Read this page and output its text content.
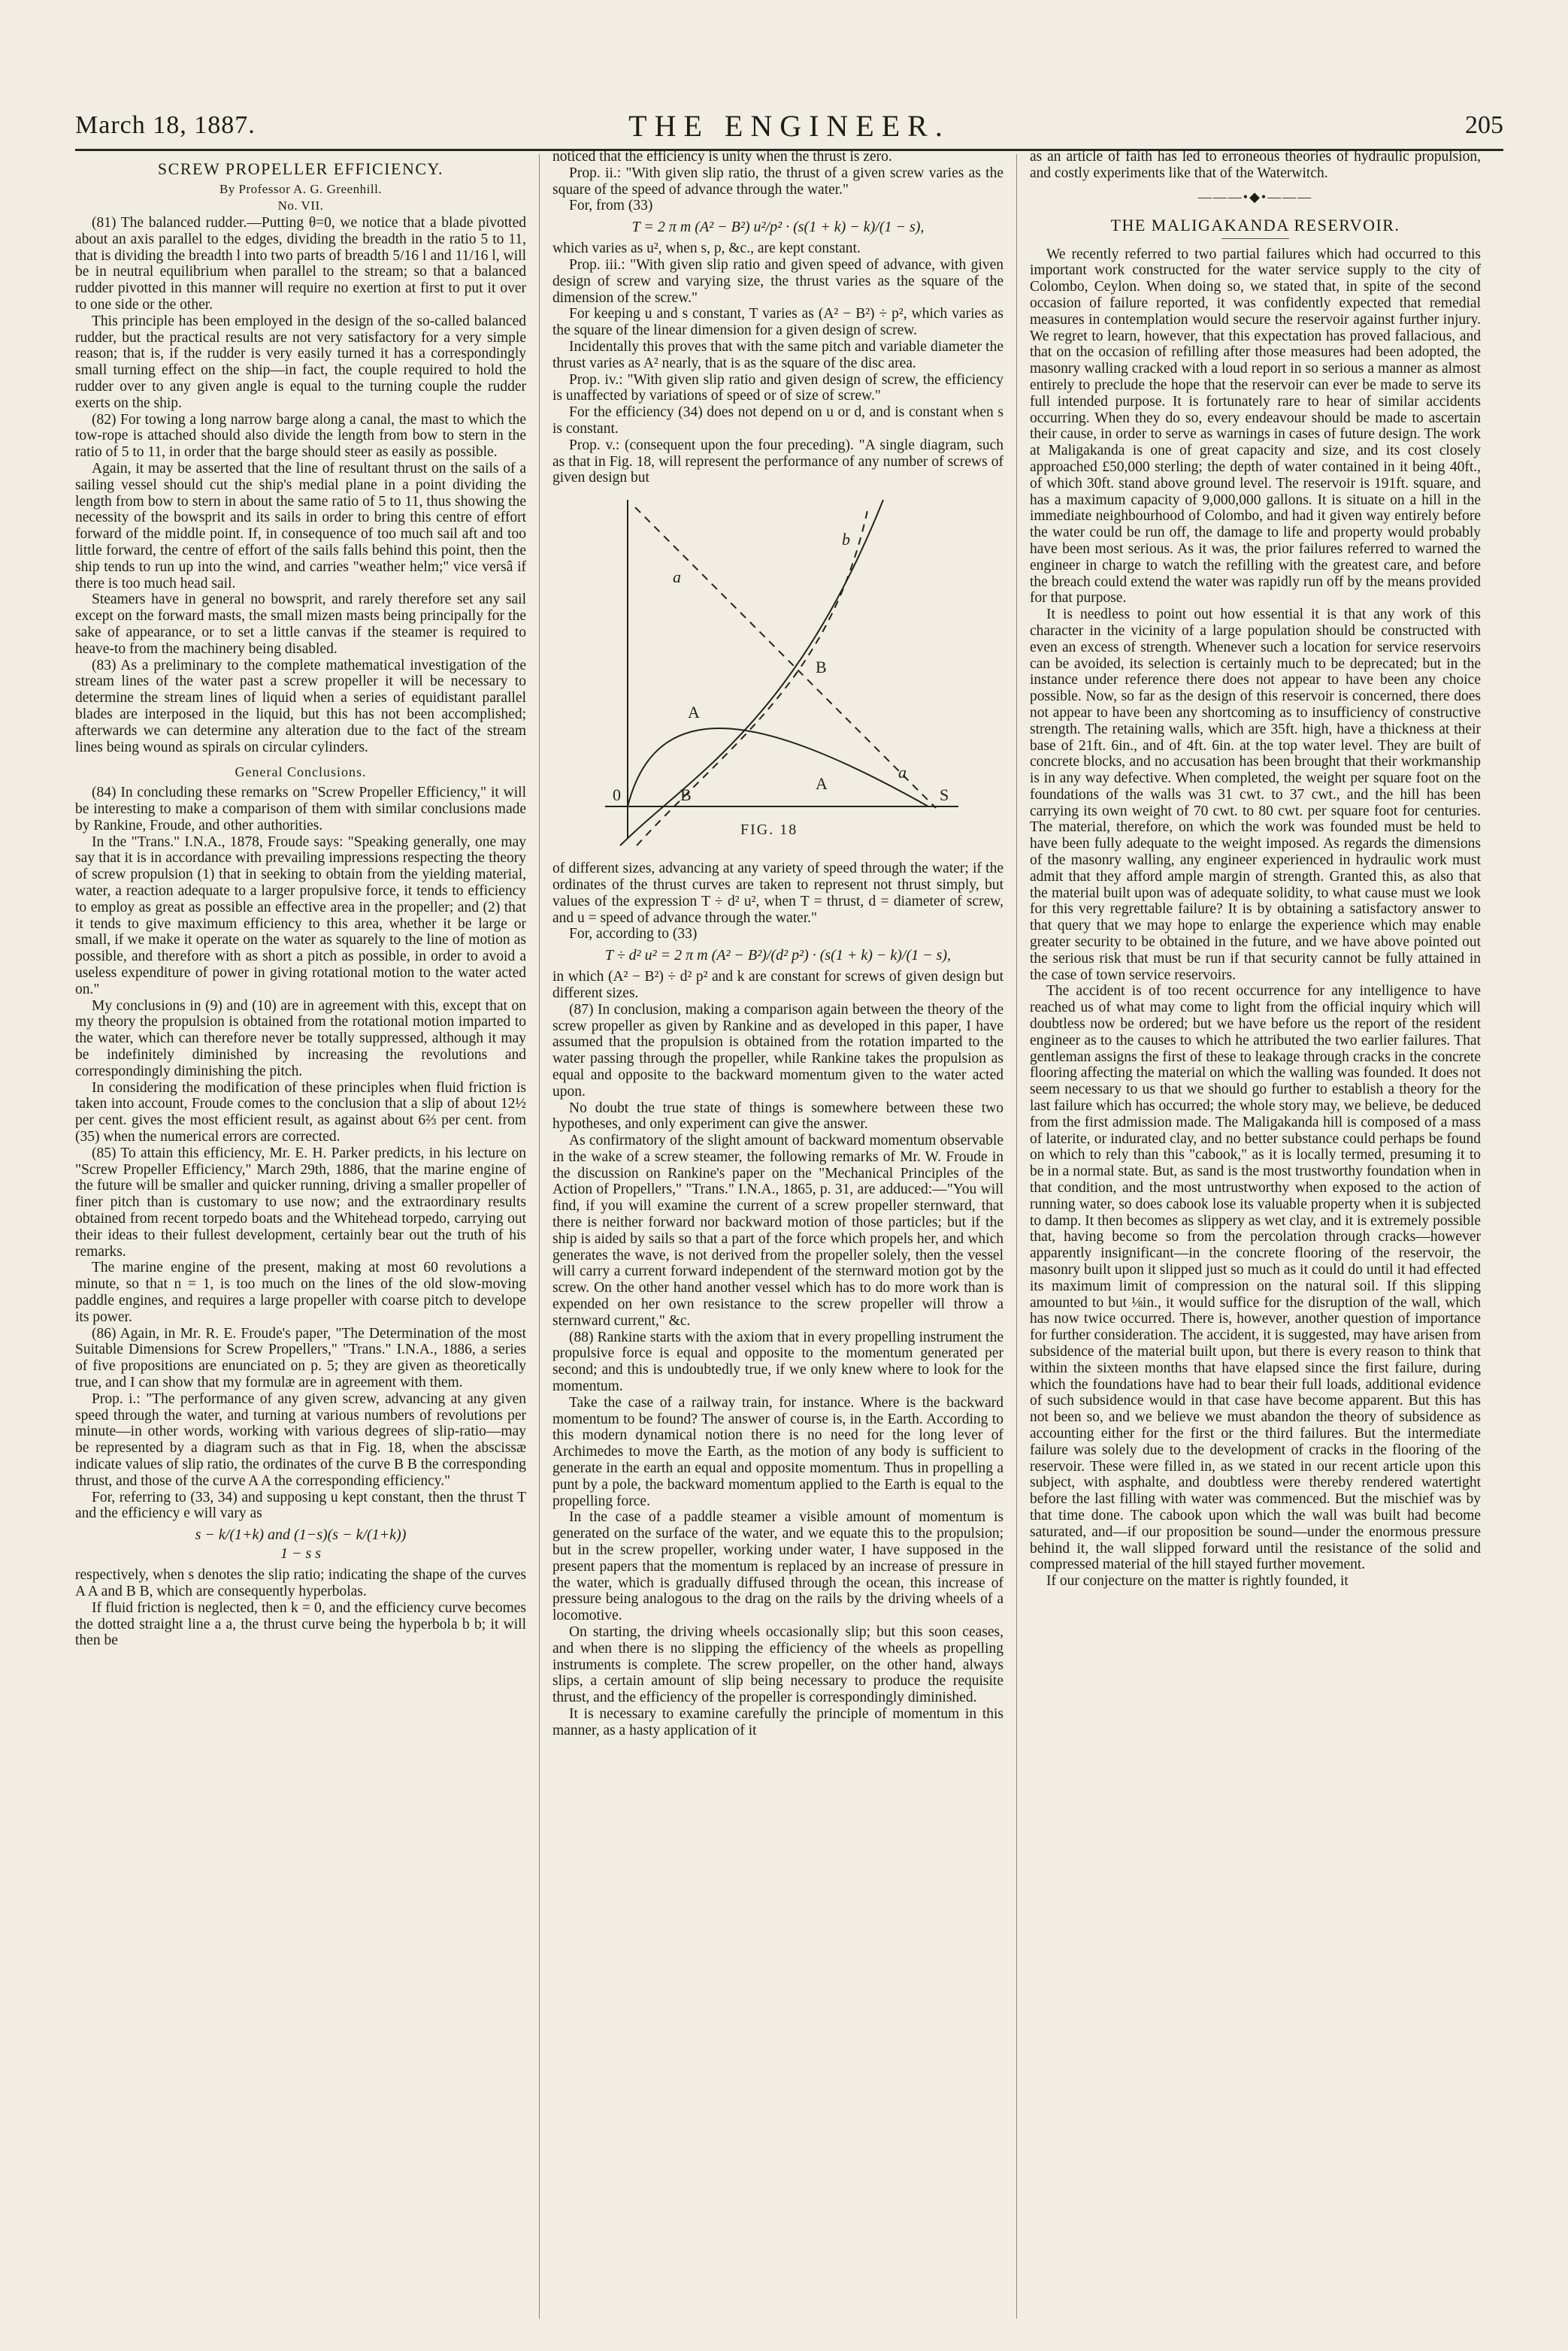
March 18, 1887.	THE ENGINEER.	205
SCREW PROPELLER EFFICIENCY.
By Professor A. G. Greenhill.
No. VII.

(81) The balanced rudder.—Putting θ=0, we notice that a blade pivotted about an axis parallel to the edges, dividing the breadth in the ratio 5 to 11, that is dividing the breadth l into two parts of breadth 5/16 l and 11/16 l, will be in neutral equilibrium when parallel to the stream; so that a balanced rudder pivotted in this manner will require no exertion at first to put it over to one side or the other.

This principle has been employed in the design of the so-called balanced rudder, but the practical results are not very satisfactory for a very simple reason; that is, if the rudder is very easily turned it has a correspondingly small turning effect on the ship—in fact, the couple required to hold the rudder over to any given angle is equal to the turning couple the rudder exerts on the ship.

(82) For towing a long narrow barge along a canal, the mast to which the tow-rope is attached should also divide the length from bow to stern in the ratio of 5 to 11, in order that the barge should steer as easily as possible.

Again, it may be asserted that the line of resultant thrust on the sails of a sailing vessel should cut the ship's medial plane in a point dividing the length from bow to stern in about the same ratio of 5 to 11, thus showing the necessity of the bowsprit and its sails in order to bring this centre of effort forward of the middle point. If, in consequence of too much sail aft and too little forward, the centre of effort of the sails falls behind this point, then the ship tends to run up into the wind, and carries "weather helm;" vice versâ if there is too much head sail.

Steamers have in general no bowsprit, and rarely therefore set any sail except on the forward masts, the small mizen masts being principally for the sake of appearance, or to set a little canvas if the steamer is required to heave-to from the machinery being disabled.

(83) As a preliminary to the complete mathematical investigation of the stream lines of the water past a screw propeller it will be necessary to determine the stream lines of liquid when a series of equidistant parallel blades are interposed in the liquid, but this has not been accomplished; afterwards we can determine any alteration due to the fact of the stream lines being wound as spirals on circular cylinders.

General Conclusions.

(84) In concluding these remarks on "Screw Propeller Efficiency," it will be interesting to make a comparison of them with similar conclusions made by Rankine, Froude, and other authorities.

In the "Trans." I.N.A., 1878, Froude says: "Speaking generally, one may say that it is in accordance with prevailing impressions respecting the theory of screw propulsion (1) that in seeking to obtain from the yielding material, water, a reaction adequate to a larger propulsive force, it tends to efficiency to employ as great as possible an effective area in the propeller; and (2) that it tends to give maximum efficiency to this area, whether it be large or small, if we make it operate on the water as squarely to the line of motion as possible, and therefore with as short a pitch as possible, in order to avoid a useless expenditure of power in giving rotational motion to the water acted on."

My conclusions in (9) and (10) are in agreement with this, except that on my theory the propulsion is obtained from the rotational motion imparted to the water, which can therefore never be totally suppressed, although it may be indefinitely diminished by increasing the revolutions and correspondingly diminishing the pitch.

In considering the modification of these principles when fluid friction is taken into account, Froude comes to the conclusion that a slip of about 12½ per cent. gives the most efficient result, as against about 6⅔ per cent. from (35) when the numerical errors are corrected.

(85) To attain this efficiency, Mr. E. H. Parker predicts, in his lecture on "Screw Propeller Efficiency," March 29th, 1886, that the marine engine of the future will be smaller and quicker running, driving a smaller propeller of finer pitch than is customary to use now; and the extraordinary results obtained from recent torpedo boats and the Whitehead torpedo, carrying out their ideas to their fullest development, certainly bear out the truth of his remarks.

The marine engine of the present, making at most 60 revolutions a minute, so that n = 1, is too much on the lines of the old slow-moving paddle engines, and requires a large propeller with coarse pitch to develope its power.

(86) Again, in Mr. R. E. Froude's paper, "The Determination of the most Suitable Dimensions for Screw Propellers," "Trans." I.N.A., 1886, a series of five propositions are enunciated on p. 5; they are given as theoretically true, and I can show that my formulæ are in agreement with them.

Prop. i.: "The performance of any given screw, advancing at any given speed through the water, and turning at various numbers of revolutions per minute—in other words, working with various degrees of slip-ratio—may be represented by a diagram such as that in Fig. 18, when the abscissæ indicate values of slip ratio, the ordinates of the curve B B the corresponding thrust, and those of the curve A A the corresponding efficiency."

For, referring to (33, 34) and supposing u kept constant, then the thrust T and the efficiency e will vary as

s − k/(1+k) and (1−s)(s − k/(1+k))
1 − s s

respectively, when s denotes the slip ratio; indicating the shape of the curves A A and B B, which are consequently hyperbolas.

If fluid friction is neglected, then k = 0, and the efficiency curve becomes the dotted straight line a a, the thrust curve being the hyperbola b b; it will then be

noticed that the efficiency is unity when the thrust is zero.

Prop. ii.: "With given slip ratio, the thrust of a given screw varies as the square of the speed of advance through the water."

For, from (33)

T = 2 π m (A² − B²) u²/p² · (s(1 + k) − k)/(1 − s),

which varies as u², when s, p, &c., are kept constant.

Prop. iii.: "With given slip ratio and given speed of advance, with given design of screw and varying size, the thrust varies as the square of the dimension of the screw."

For keeping u and s constant, T varies as (A² − B²) ÷ p², which varies as the square of the linear dimension for a given design of screw.

Incidentally this proves that with the same pitch and variable diameter the thrust varies as A² nearly, that is as the square of the disc area.

Prop. iv.: "With given slip ratio and given design of screw, the efficiency is unaffected by variations of speed or of size of screw."

For the efficiency (34) does not depend on u or d, and is constant when s is constant.

Prop. v.: (consequent upon the four preceding). "A single diagram, such as that in Fig. 18, will represent the performance of any number of screws of given design but

a
b
B
A
A
B
a
0	S
FIG. 18

of different sizes, advancing at any variety of speed through the water; if the ordinates of the thrust curves are taken to represent not thrust simply, but values of the expression T ÷ d² u², when T = thrust, d = diameter of screw, and u = speed of advance through the water."

For, according to (33)

T ÷ d² u² = 2 π m (A² − B²)/(d² p²) · (s(1 + k) − k)/(1 − s),

in which (A² − B²) ÷ d² p² and k are constant for screws of given design but different sizes.

(87) In conclusion, making a comparison again between the theory of the screw propeller as given by Rankine and as developed in this paper, I have assumed that the propulsion is obtained from the rotation imparted to the water passing through the propeller, while Rankine takes the propulsion as equal and opposite to the backward momentum given to the water acted upon.

No doubt the true state of things is somewhere between these two hypotheses, and only experiment can give the answer.

As confirmatory of the slight amount of backward momentum observable in the wake of a screw steamer, the following remarks of Mr. W. Froude in the discussion on Rankine's paper on the "Mechanical Principles of the Action of Propellers," "Trans." I.N.A., 1865, p. 31, are adduced:—"You will find, if you will examine the current of a screw propeller sternward, that there is neither forward nor backward motion of those particles; but if the ship is aided by sails so that a part of the force which propels her, and which generates the wave, is not derived from the propeller solely, then the vessel will carry a current forward independent of the sternward motion got by the screw. On the other hand another vessel which has to do more work than is expended on her own resistance to the screw propeller will throw a sternward current," &c.

(88) Rankine starts with the axiom that in every propelling instrument the propulsive force is equal and opposite to the momentum generated per second; and this is undoubtedly true, if we only knew where to look for the momentum.

Take the case of a railway train, for instance. Where is the backward momentum to be found? The answer of course is, in the Earth. According to this modern dynamical notion there is no need for the long lever of Archimedes to move the Earth, as the motion of any body is sufficient to generate in the earth an equal and opposite momentum. Thus in propelling a punt by a pole, the backward momentum applied to the Earth is equal to the propelling force.

In the case of a paddle steamer a visible amount of momentum is generated on the surface of the water, and we equate this to the propulsion; but in the screw propeller, working under water, I have supposed in the present papers that the momentum is replaced by an increase of pressure in the water, which is gradually diffused through the ocean, this increase of pressure being analogous to the drag on the rails by the driving wheels of a locomotive.

On starting, the driving wheels occasionally slip; but this soon ceases, and when there is no slipping the efficiency of the wheels as propelling instruments is complete. The screw propeller, on the other hand, always slips, a certain amount of slip being necessary to produce the requisite thrust, and the efficiency of the propeller is correspondingly diminished.

It is necessary to examine carefully the principle of momentum in this manner, as a hasty application of it

as an article of faith has led to erroneous theories of hydraulic propulsion, and costly experiments like that of the Waterwitch.

———•◆•———
THE MALIGAKANDA RESERVOIR.

We recently referred to two partial failures which had occurred to this important work constructed for the water service supply to the city of Colombo, Ceylon. When doing so, we stated that, in spite of the second occasion of failure reported, it was confidently expected that remedial measures in contemplation would secure the reservoir against further injury. We regret to learn, however, that this expectation has proved fallacious, and that on the occasion of refilling after those measures had been adopted, the masonry walling cracked with a loud report in so serious a manner as almost entirely to preclude the hope that the reservoir can ever be made to serve its full intended purpose. It is fortunately rare to hear of similar accidents occurring. When they do so, every endeavour should be made to ascertain their cause, in order to serve as warnings in cases of future design. The work at Maligakanda is one of great capacity and size, and its cost closely approached £50,000 sterling; the depth of water contained in it being 40ft., of which 30ft. stand above ground level. The reservoir is 191ft. square, and has a maximum capacity of 9,000,000 gallons. It is situate on a hill in the immediate neighbourhood of Colombo, and had it given way entirely before the water could be run off, the damage to life and property would probably have been most serious. As it was, the prior failures referred to warned the engineer in charge to watch the refilling with the greatest care, and before the breach could extend the water was rapidly run off by the means provided for that purpose.

It is needless to point out how essential it is that any work of this character in the vicinity of a large population should be constructed with even an excess of strength. Whenever such a location for service reservoirs can be avoided, its selection is certainly much to be deprecated; but in the instance under reference there does not appear to have been any choice possible. Now, so far as the design of this reservoir is concerned, there does not appear to have been any shortcoming as to insufficiency of constructive strength. The retaining walls, which are 35ft. high, have a thickness at their base of 21ft. 6in., and of 4ft. 6in. at the top water level. They are built of concrete blocks, and no accusation has been brought that their workmanship is in any way defective. When completed, the weight per square foot on the foundations of the walls was 31 cwt. to 37 cwt., and the hill has been carrying its own weight of 70 cwt. to 80 cwt. per square foot for centuries. The material, therefore, on which the work was founded must be held to have been fully adequate to the weight imposed. As regards the dimensions of the masonry walling, any engineer experienced in hydraulic work must admit that they afford ample margin of strength. Granted this, as also that the material built upon was of adequate solidity, to what cause must we look for this very regrettable failure? It is by obtaining a satisfactory answer to that query that we may hope to enlarge the experience which may enable greater security to be obtained in the future, and we have above pointed out the serious risk that must be run if that security cannot be fully attained in the case of town service reservoirs.

The accident is of too recent occurrence for any intelligence to have reached us of what may come to light from the official inquiry which will doubtless now be ordered; but we have before us the report of the resident engineer as to the causes to which he attributed the two earlier failures. That gentleman assigns the first of these to leakage through cracks in the concrete flooring affecting the material on which the walling was founded. It does not seem necessary to us that we should go further to establish a theory for the last failure which has occurred; the whole story may, we believe, be deduced from the first admission made. The Maligakanda hill is composed of a mass of laterite, or indurated clay, and no better substance could perhaps be found on which to rely than this "cabook," as it is locally termed, presuming it to be in a normal state. But, as sand is the most trustworthy foundation when in that condition, and the most untrustworthy when exposed to the action of running water, so does cabook lose its valuable property when it is subjected to damp. It then becomes as slippery as wet clay, and it is extremely possible that, having become so from the percolation through cracks—however apparently insignificant—in the concrete flooring of the reservoir, the masonry built upon it slipped just so much as it could do until it had effected its maximum limit of compression on the natural soil. If this slipping amounted to but ⅛in., it would suffice for the disruption of the wall, which has now twice occurred. There is, however, another question of importance for further consideration. The accident, it is suggested, may have arisen from subsidence of the material built upon, but there is every reason to think that within the sixteen months that have elapsed since the first failure, during which the foundations have had to bear their full loads, additional evidence of such subsidence would in that case have become apparent. But this has not been so, and we believe we must abandon the theory of subsidence as accounting either for the first or the third failures. But the intermediate failure was solely due to the development of cracks in the flooring of the reservoir. These were filled in, as we stated in our recent article upon this subject, with asphalte, and doubtless were thereby rendered watertight before the last filling with water was commenced. But the mischief was by that time done. The cabook upon which the wall was built had become saturated, and—if our proposition be sound—under the enormous pressure behind it, the wall slipped forward until the resistance of the solid and compressed material of the hill stayed further movement.

If our conjecture on the matter is rightly founded, it
